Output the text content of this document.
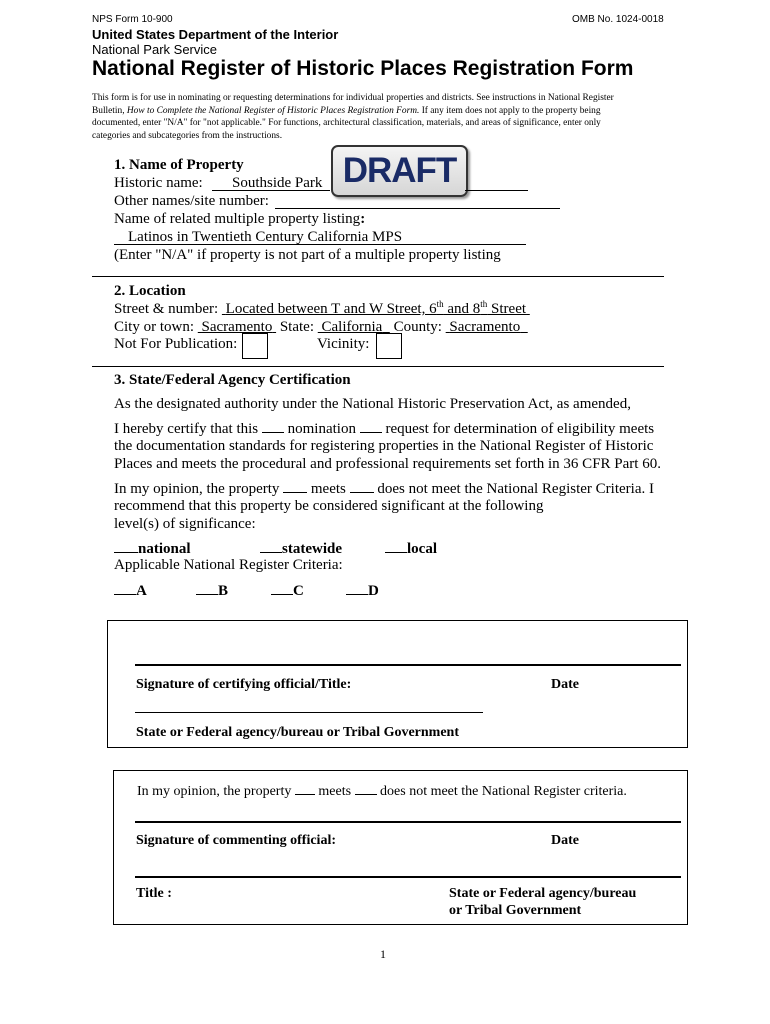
NPS Form 10-900	OMB No. 1024-0018
United States Department of the Interior
National Park Service
National Register of Historic Places Registration Form
This form is for use in nominating or requesting determinations for individual properties and districts. See instructions in National Register
Bulletin, How to Complete the National Register of Historic Places Registration Form. If any item does not apply to the property being
documented, enter "N/A" for "not applicable." For functions, architectural classification, materials, and areas of significance, enter only
categories and subcategories from the instructions.
DRAFT
1. Name of Property
Historic name: Southside Park
Other names/site number:
Name of related multiple property listing:
Latinos in Twentieth Century California MPS
(Enter "N/A" if property is not part of a multiple property listing
2. Location
Street & number:  Located between T and W Street, 6th and 8th Street
City or town:  Sacramento  State:  California   County:  Sacramento
Not For Publication:	Vicinity:
3. State/Federal Agency Certification
As the designated authority under the National Historic Preservation Act, as amended,
I hereby certify that this  nomination  request for determination of eligibility meets
the documentation standards for registering properties in the National Register of Historic
Places and meets the procedural and professional requirements set forth in 36 CFR Part 60.
In my opinion, the property  meets  does not meet the National Register Criteria. I
recommend that this property be considered significant at the following
level(s) of significance:
national	statewide	local
Applicable National Register Criteria:
A	B	C	D
Signature of certifying official/Title:	Date
State or Federal agency/bureau or Tribal Government
In my opinion, the property  meets  does not meet the National Register criteria.
Signature of commenting official:	Date
Title :	State or Federal agency/bureau
or Tribal Government
1
